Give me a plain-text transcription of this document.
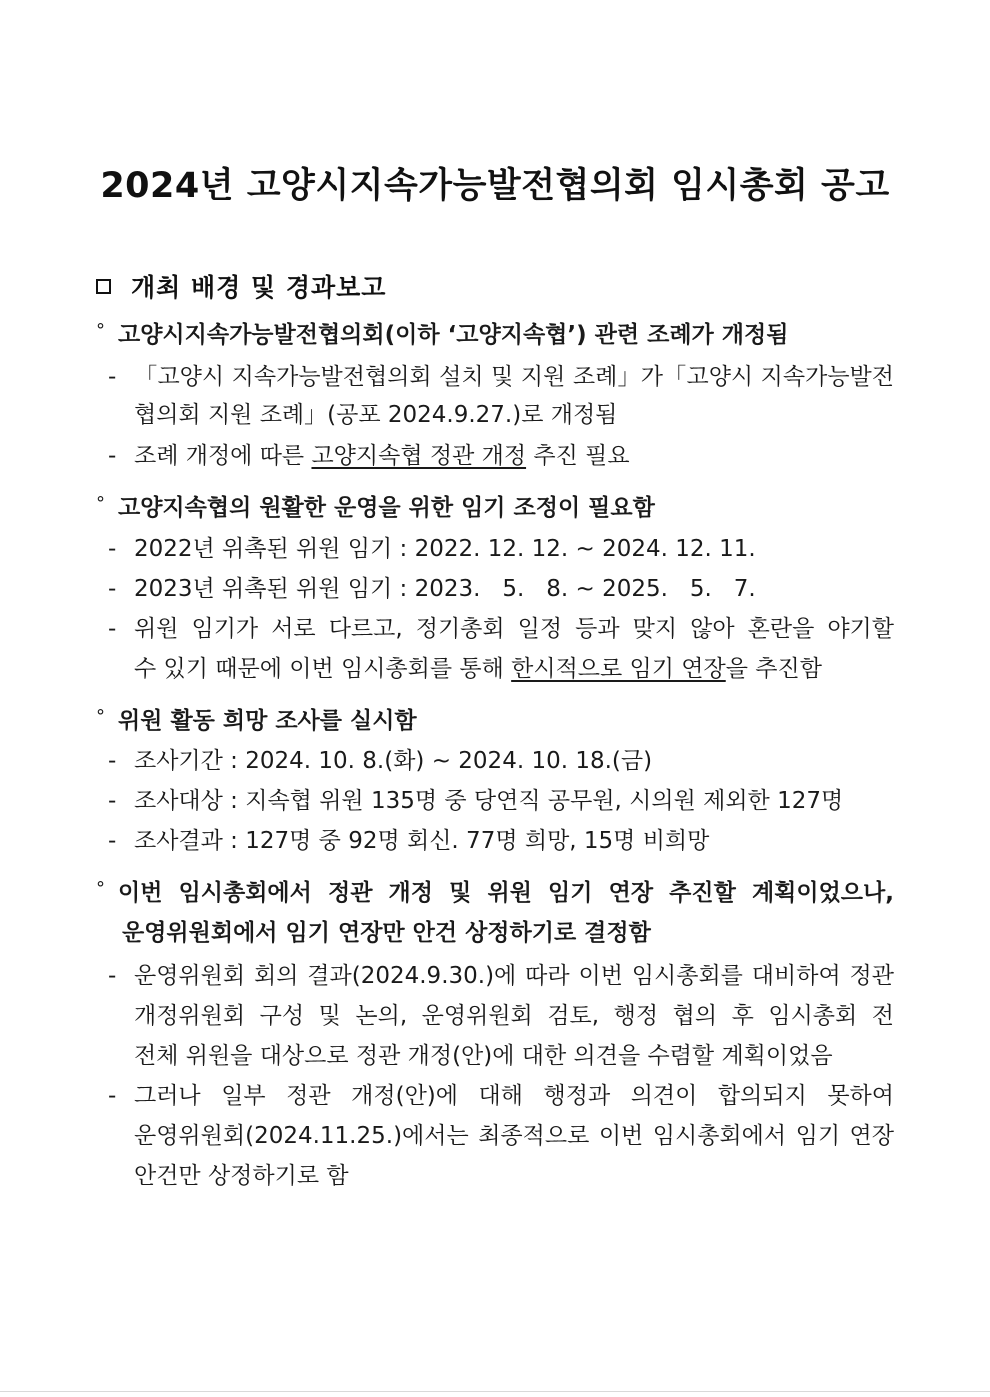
2024년 고양시지속가능발전협의회 임시총회 공고
개최 배경 및 경과보고
° 고양시지속가능발전협의회(이하 ‘고양지속협’) 관련 조례가 개정됨
- 「고양시 지속가능발전협의회 설치 및 지원 조례」가「고양시 지속가능발전
협의회 지원 조례」(공포 2024.9.27.)로 개정됨
- 조례 개정에 따른 고양지속협 정관 개정 추진 필요
° 고양지속협의 원활한 운영을 위한 임기 조정이 필요함
- 2022년 위촉된 위원 임기 : 2022. 12. 12. ~ 2024. 12. 11.
- 2023년 위촉된 위원 임기 : 2023.   5.   8. ~ 2025.   5.   7.
- 위원 임기가 서로 다르고, 정기총회 일정 등과 맞지 않아 혼란을 야기할
수 있기 때문에 이번 임시총회를 통해 한시적으로 임기 연장을 추진함
° 위원 활동 희망 조사를 실시함
- 조사기간 : 2024. 10. 8.(화) ~ 2024. 10. 18.(금)
- 조사대상 : 지속협 위원 135명 중 당연직 공무원, 시의원 제외한 127명
- 조사결과 : 127명 중 92명 회신. 77명 희망, 15명 비희망
° 이번 임시총회에서 정관 개정 및 위원 임기 연장 추진할 계획이었으나,
운영위원회에서 임기 연장만 안건 상정하기로 결정함
- 운영위원회 회의 결과(2024.9.30.)에 따라 이번 임시총회를 대비하여 정관
개정위원회 구성 및 논의, 운영위원회 검토, 행정 협의 후 임시총회 전
전체 위원을 대상으로 정관 개정(안)에 대한 의견을 수렴할 계획이었음
- 그러나 일부 정관 개정(안)에 대해 행정과 의견이 합의되지 못하여
운영위원회(2024.11.25.)에서는 최종적으로 이번 임시총회에서 임기 연장
안건만 상정하기로 함
